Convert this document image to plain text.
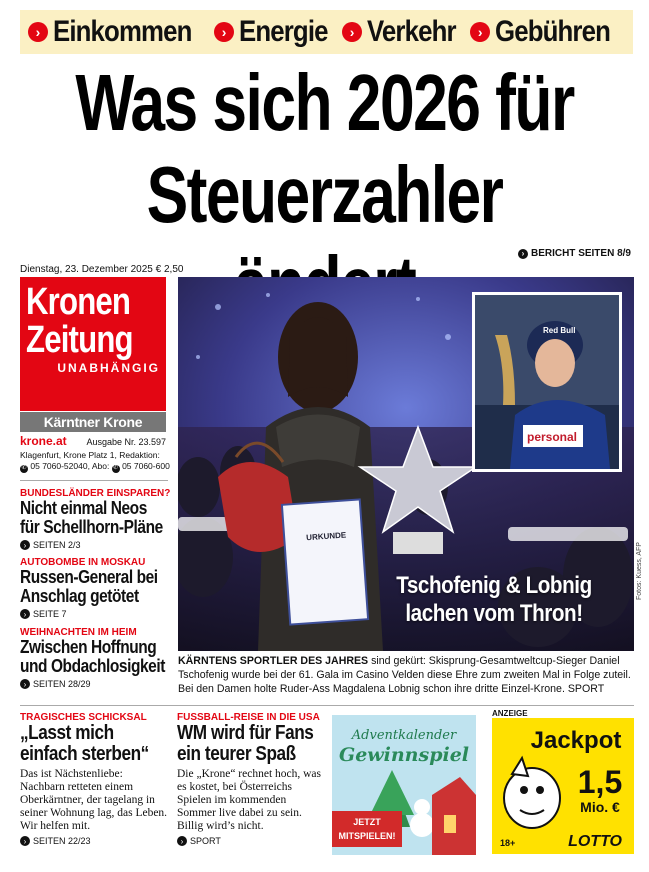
› Einkommen	› Energie	› Verkehr	› Gebühren
Was sich 2026 für
Steuerzahler
› BERICHT SEITEN 8/9
Dienstag, 23. Dezember 2025 € 2,50
Kronen
Zeitung
UNABHÄNGIG
Kärntner Krone
krone.at Ausgabe Nr. 23.597
Klagenfurt, Krone Platz 1, Redaktion:
✆ 05 7060-52040, Abo: ✆ 05 7060-600
BUNDESLÄNDER EINSPAREN?
Nicht einmal Neos
für Schellhorn-Pläne
› SEITEN 2/3
AUTOBOMBE IN MOSKAU
Russen-General bei
Anschlag getötet
› SEITE 7
WEIHNACHTEN IM HEIM
Zwischen Hoffnung
und Obdachlosigkeit
› SEITEN 28/29
URKUNDE
personal
Red Bull
Tschofenig & Lobnig
lachen vom Thron!
Fotos: Kuess, AFP
KÄRNTENS SPORTLER DES JAHRES sind gekürt: Skisprung-Gesamtweltcup-Sieger Daniel Tschofenig wurde bei der 61. Gala im Casino Velden diese Ehre zum zweiten Mal in Folge zuteil. Bei den Damen holte Ruder-Ass Magdalena Lobnig schon ihre dritte Einzel-Krone. SPORT
TRAGISCHES SCHICKSAL
„Lasst mich
einfach sterben“
Das ist Nächstenliebe: Nachbarn retteten einem Oberkärntner, der tagelang in seiner Wohnung lag, das Leben. Wir helfen mit.
› SEITEN 22/23
FUSSBALL-REISE IN DIE USA
WM wird für Fans
ein teurer Spaß
Die „Krone“ rechnet hoch, was es kostet, bei Österreichs Spielen im kommenden Sommer live dabei zu sein. Billig wird’s nicht.
› SPORT
Adventkalender
Gewinnspiel
JETZT
MITSPIELEN!
ANZEIGE
Jackpot
1,5
Mio. €
18+	LOTTO
